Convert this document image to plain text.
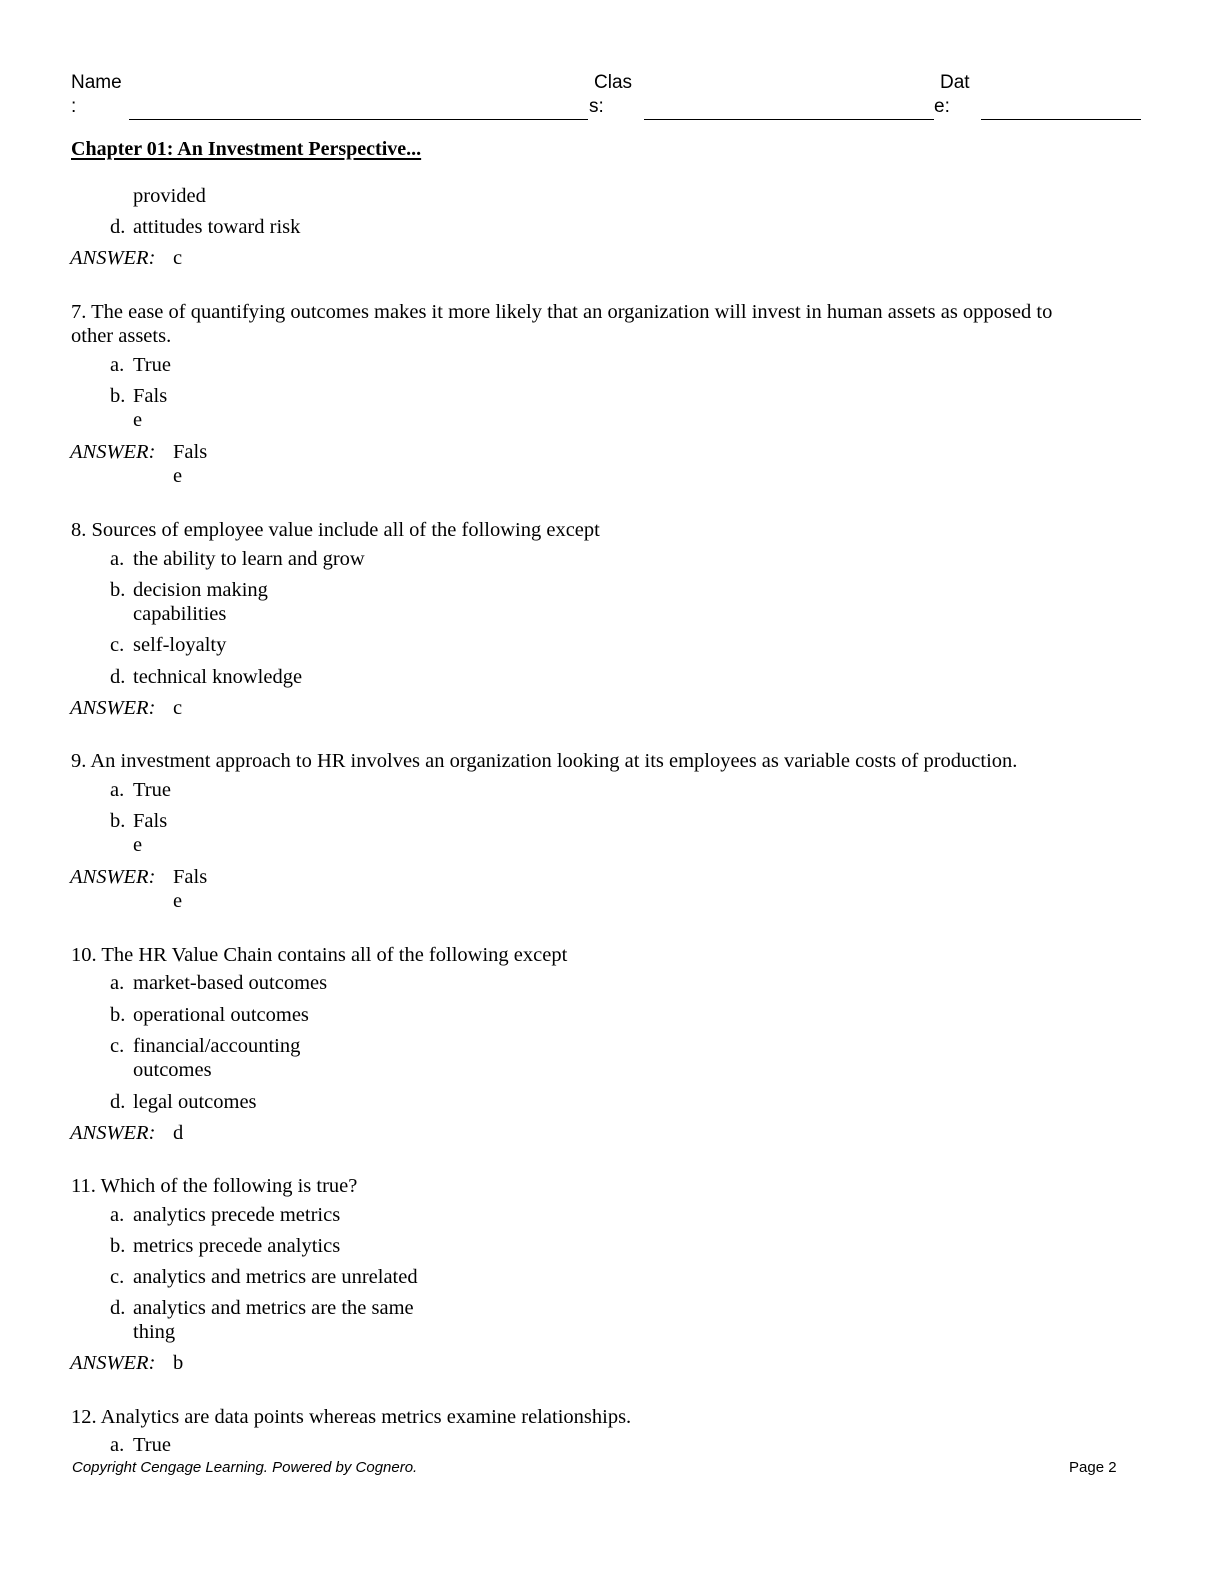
Name
:
Clas
s:
Dat
e:
Chapter 01: An Investment Perspective...
provided
d. attitudes toward risk
ANSWER: c
7. The ease of quantifying outcomes makes it more likely that an organization will invest in human assets as opposed to
other assets.
a. True
b. Fals
e
ANSWER: Fals
e
8. Sources of employee value include all of the following except
a. the ability to learn and grow
b. decision making
capabilities
c. self-loyalty
d. technical knowledge
ANSWER: c
9. An investment approach to HR involves an organization looking at its employees as variable costs of production.
a. True
b. Fals
e
ANSWER: Fals
e
10. The HR Value Chain contains all of the following except
a. market-based outcomes
b. operational outcomes
c. financial/accounting
outcomes
d. legal outcomes
ANSWER: d
11. Which of the following is true?
a. analytics precede metrics
b. metrics precede analytics
c. analytics and metrics are unrelated
d. analytics and metrics are the same
thing
ANSWER: b
12. Analytics are data points whereas metrics examine relationships.
a. True
Copyright Cengage Learning. Powered by Cognero.	Page 2
